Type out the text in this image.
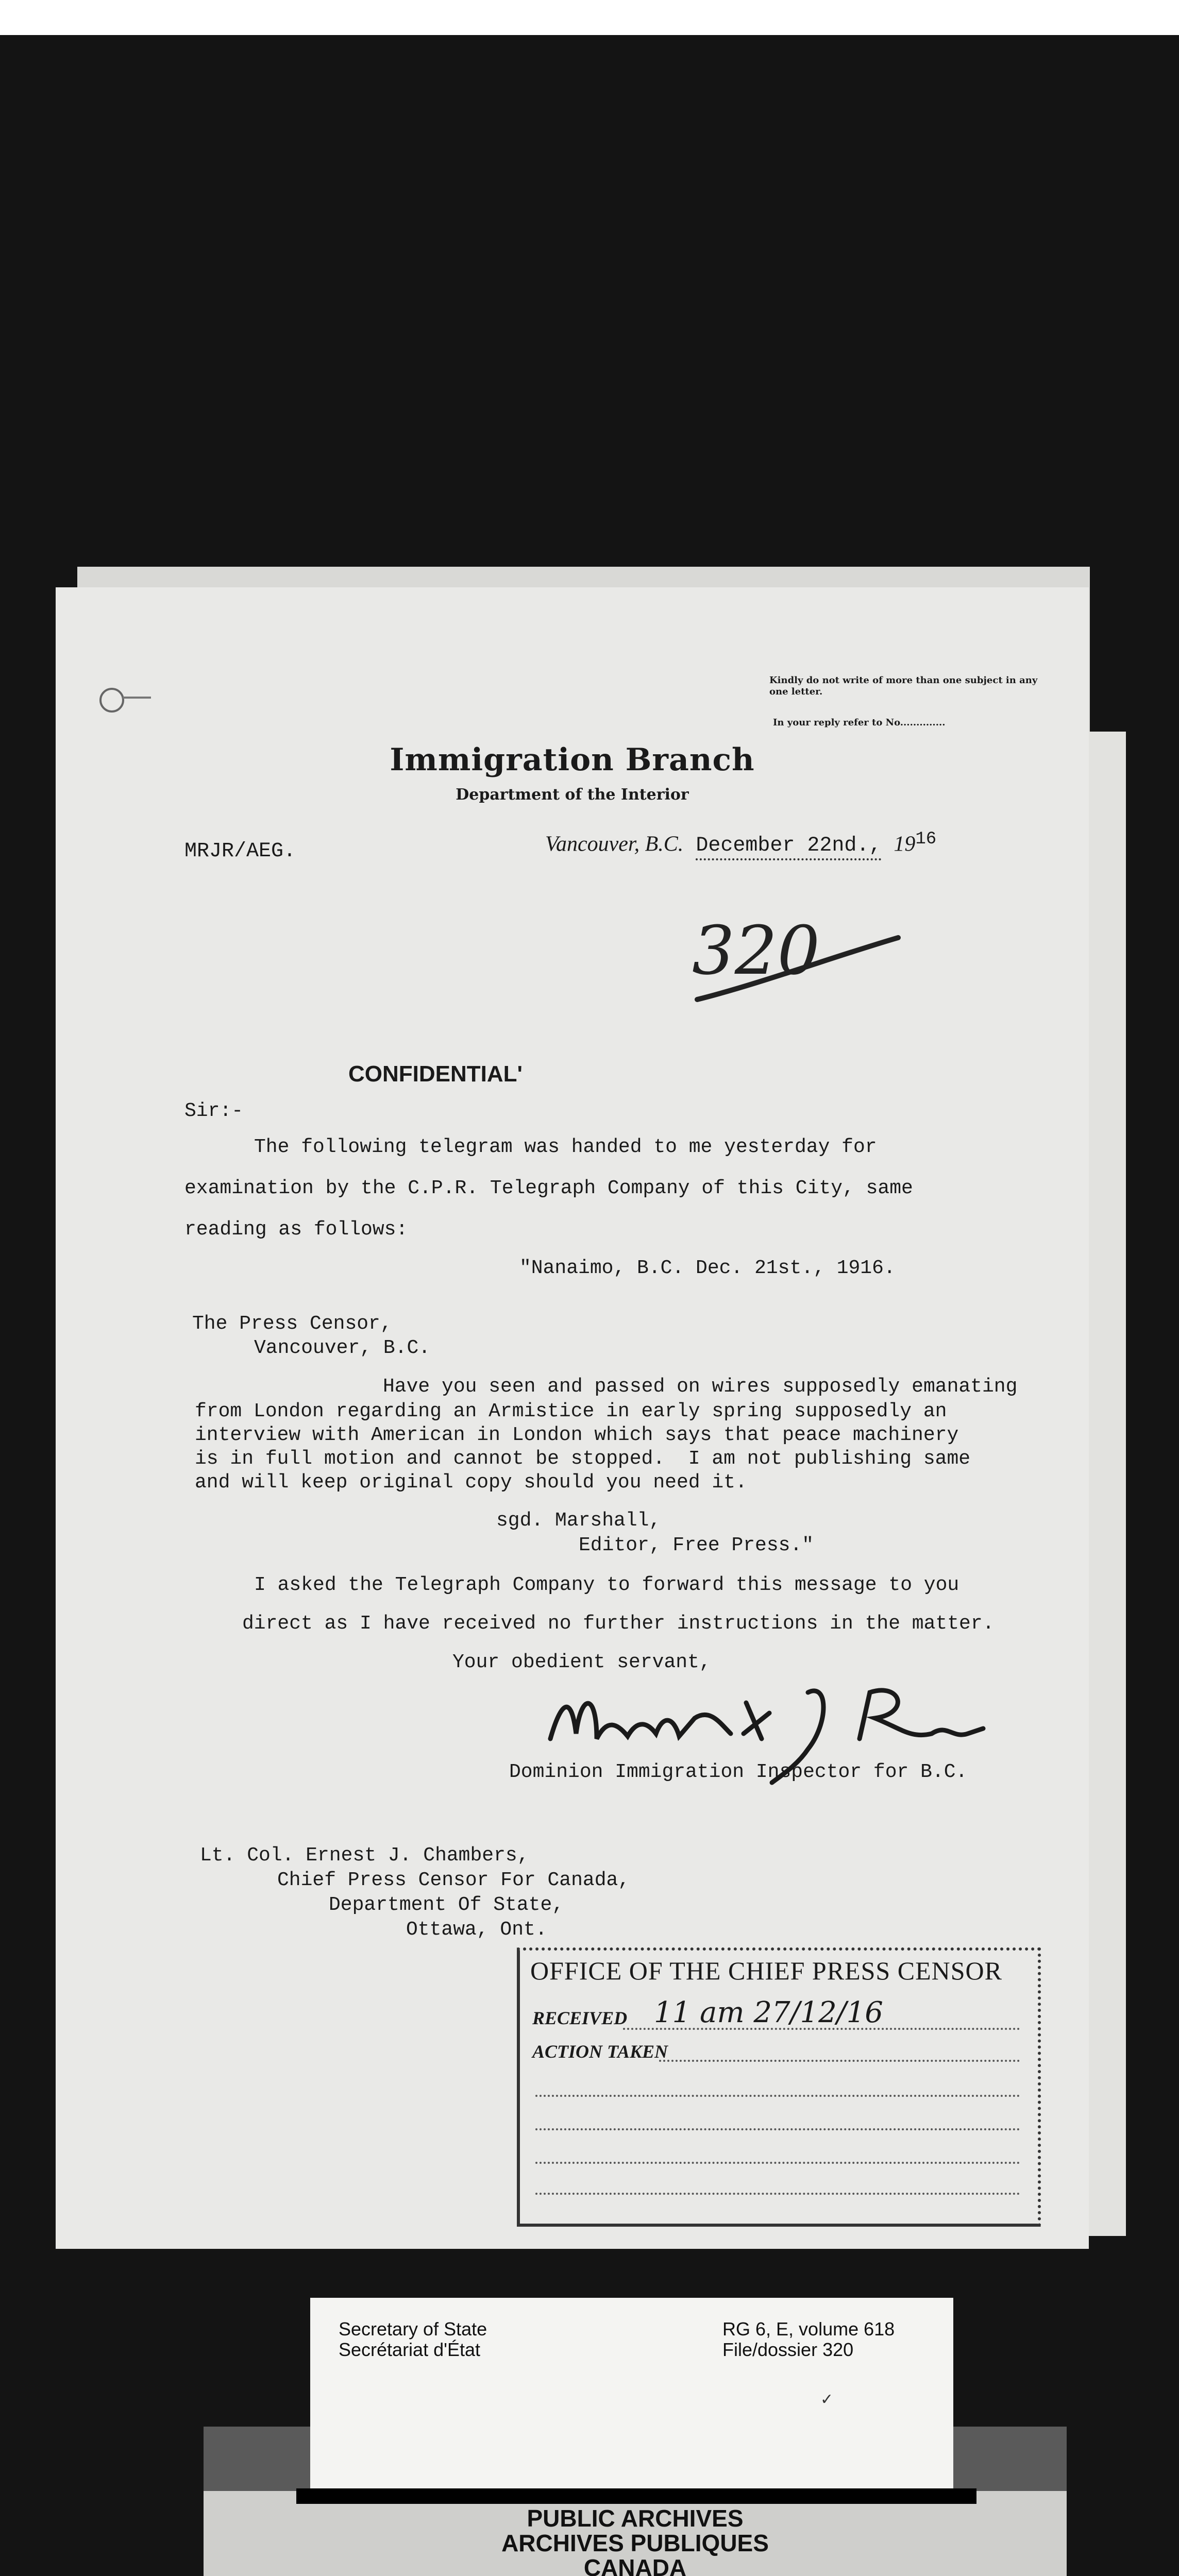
Kindly do not write of more than one subject in any one letter.
In your reply refer to No..............
Immigration Branch
Department of the Interior
MRJR/AEG.	Vancouver, B.C. December 22nd., $19^{16}$
320
CONFIDENTIAL'
Sir:-
The following telegram was handed to me yesterday for
examination by the C.P.R. Telegraph Company of this City, same
reading as follows:
"Nanaimo, B.C. Dec. 21st., 1916.
The Press Censor,
Vancouver, B.C.
Have you seen and passed on wires supposedly emanating
from London regarding an Armistice in early spring supposedly an
interview with American in London which says that peace machinery
is in full motion and cannot be stopped.  I am not publishing same
and will keep original copy should you need it.
sgd. Marshall,
Editor, Free Press."
I asked the Telegraph Company to forward this message to you
direct as I have received no further instructions in the matter.
Your obedient servant,
Dominion Immigration Inspector for B.C.
Lt. Col. Ernest J. Chambers,
Chief Press Censor For Canada,
Department Of State,
Ottawa, Ont.
OFFICE OF THE CHIEF PRESS CENSOR
RECEIVED 11 am 27/12/16
ACTION TAKEN
Secretary of State
Secrétariat d'État
RG 6, E, volume 618
File/dossier 320
✓
PUBLIC ARCHIVES
ARCHIVES PUBLIQUES
CANADA
